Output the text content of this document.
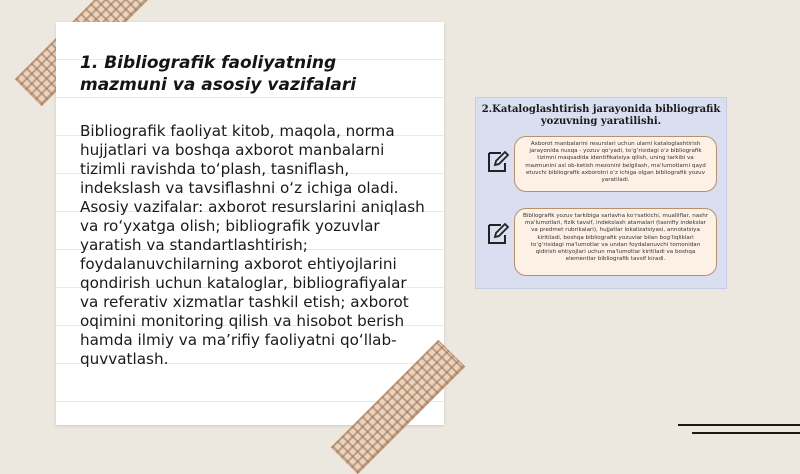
1. Bibliografik faoliyatning mazmuni va asosiy vazifalari

Bibliografik faoliyat kitob, maqola, norma hujjatlari va boshqa axborot manbalarni tizimli ravishda toʻplash, tasniflash, indekslash va tavsiflashni oʻz ichiga oladi. Asosiy vazifalar: axborot resurslarini aniqlash va roʻyxatga olish; bibliografik yozuvlar yaratish va standartlashtirish; foydalanuvchilarning axborot ehtiyojlarini qondirish uchun kataloglar, bibliografiyalar va referativ xizmatlar tashkil etish; axborot oqimini monitoring qilish va hisobot berish hamda ilmiy va maʼrifiy faoliyatni qoʻllab-quvvatlash.

2.Kataloglashtirish jarayonida bibliografik yozuvning yaratilishi.
Axborot manbalarini resurslari uchun ularni kataloglashtirish jarayonida nusqa - yozuv qoʻyadi, toʻgʻrisidagi oʻz bibliografik tizimni maqsadida identifikatsiya qilish, uning tarkibi va mazmunini asl ob-ketish mezonini belgilash, maʼlumotlarni qayd etuvchi bibliografik axborotni oʻz ichiga olgan bibliografik yozuv yaratiladi.
Bibliografik yozuv tarkibiga sarlavha koʻrsatkichi, mualliflar, nashr ma'lumotlari, fizik tavsif, indekslash atamalari (tasnifiy indekslar va predmet rubrikalari), hujjatlar lokalizatsiyasi, annotatsiya kiritiladi, boshqa bibliografik yozuvlar bilan bogʻliqliklari toʻgʻrisidagi ma'lumotlar va undan foydalanuvchi tomonidan qidirish ehtiyojlari uchun ma'lumotlar kiritiladi va boshqa elementlar bibliografik tavsif kiradi.
